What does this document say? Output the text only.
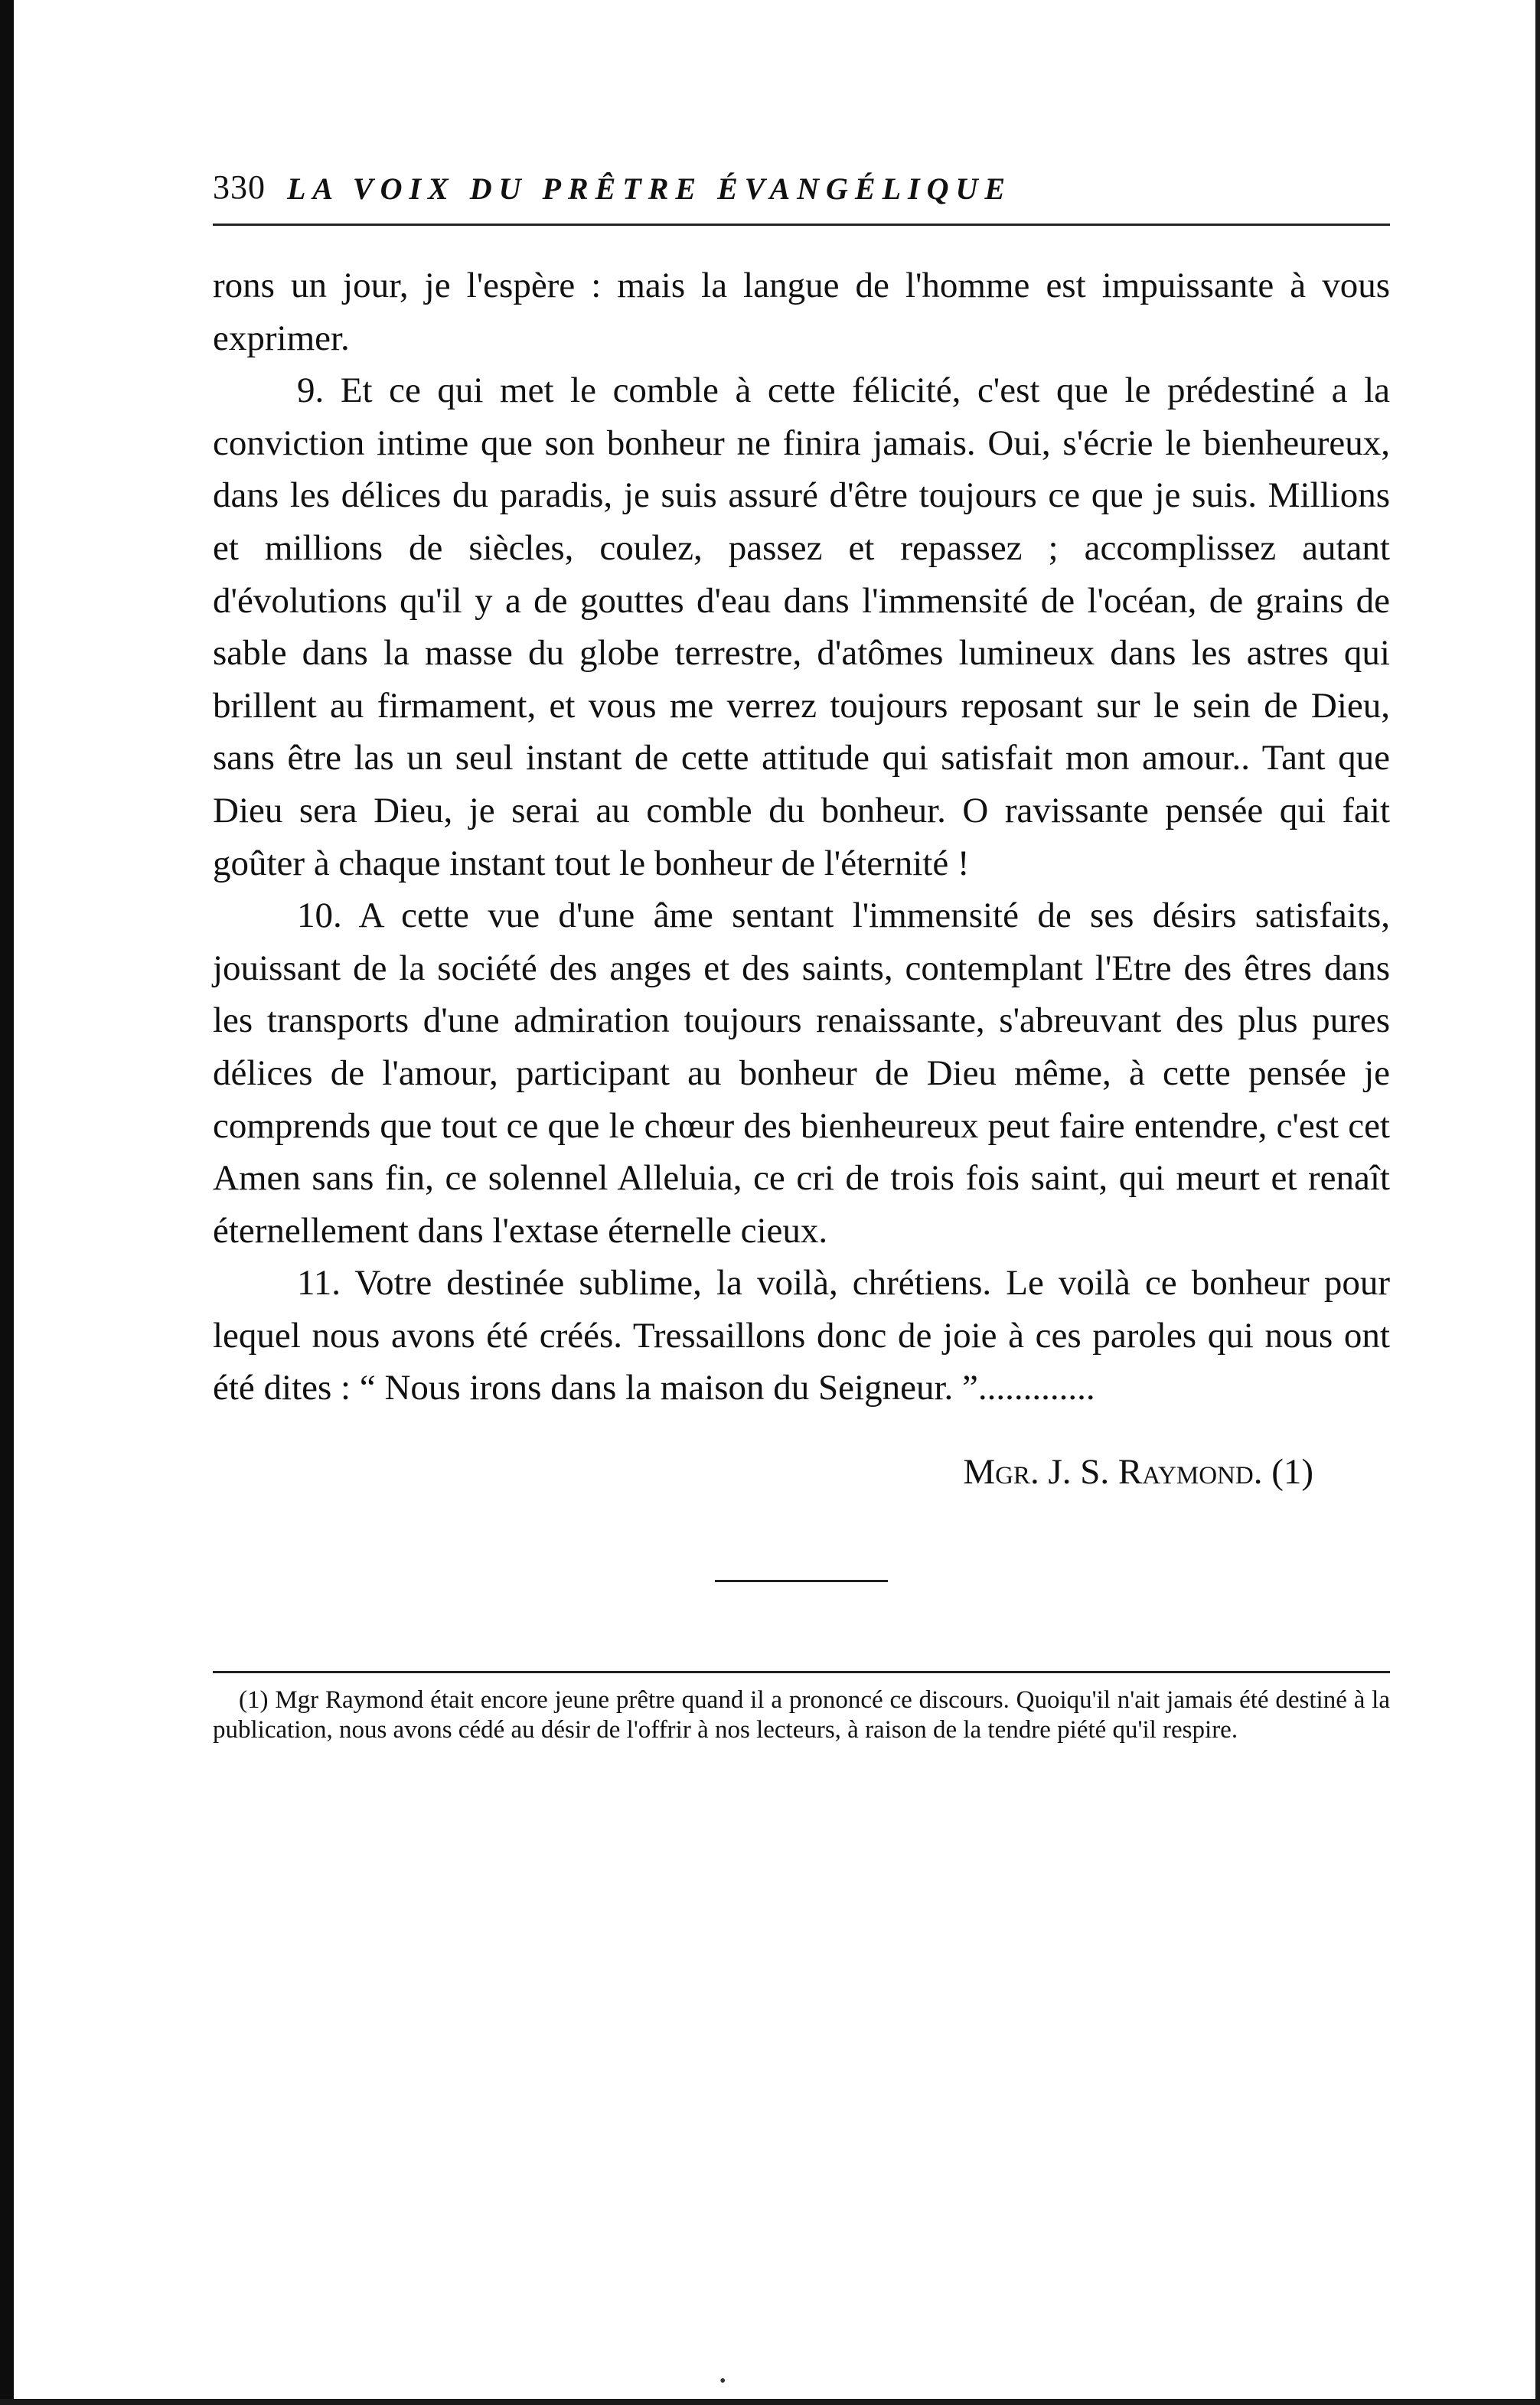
330 LA VOIX DU PRÊTRE ÉVANGÉLIQUE

rons un jour, je l'espère : mais la langue de l'homme est impuissante à vous exprimer.

9. Et ce qui met le comble à cette félicité, c'est que le prédestiné a la conviction intime que son bonheur ne finira jamais. Oui, s'écrie le bienheureux, dans les délices du paradis, je suis assuré d'être toujours ce que je suis. Millions et millions de siècles, coulez, passez et repassez ; accomplissez autant d'évolutions qu'il y a de gouttes d'eau dans l'immensité de l'océan, de grains de sable dans la masse du globe terrestre, d'atômes lumineux dans les astres qui brillent au firmament, et vous me verrez toujours reposant sur le sein de Dieu, sans être las un seul instant de cette attitude qui satisfait mon amour.. Tant que Dieu sera Dieu, je serai au comble du bonheur. O ravissante pensée qui fait goûter à chaque instant tout le bonheur de l'éternité !

10. A cette vue d'une âme sentant l'immensité de ses désirs satisfaits, jouissant de la société des anges et des saints, contemplant l'Etre des êtres dans les transports d'une admiration toujours renaissante, s'abreuvant des plus pures délices de l'amour, participant au bonheur de Dieu même, à cette pensée je comprends que tout ce que le chœur des bienheureux peut faire entendre, c'est cet Amen sans fin, ce solennel Alleluia, ce cri de trois fois saint, qui meurt et renaît éternellement dans l'extase éternelle cieux.

11. Votre destinée sublime, la voilà, chrétiens. Le voilà ce bonheur pour lequel nous avons été créés. Tressaillons donc de joie à ces paroles qui nous ont été dites : “ Nous irons dans la maison du Seigneur. ”.............

Mgr. J. S. Raymond. (1)

(1) Mgr Raymond était encore jeune prêtre quand il a prononcé ce discours. Quoiqu'il n'ait jamais été destiné à la publication, nous avons cédé au désir de l'offrir à nos lecteurs, à raison de la tendre piété qu'il respire.

•
